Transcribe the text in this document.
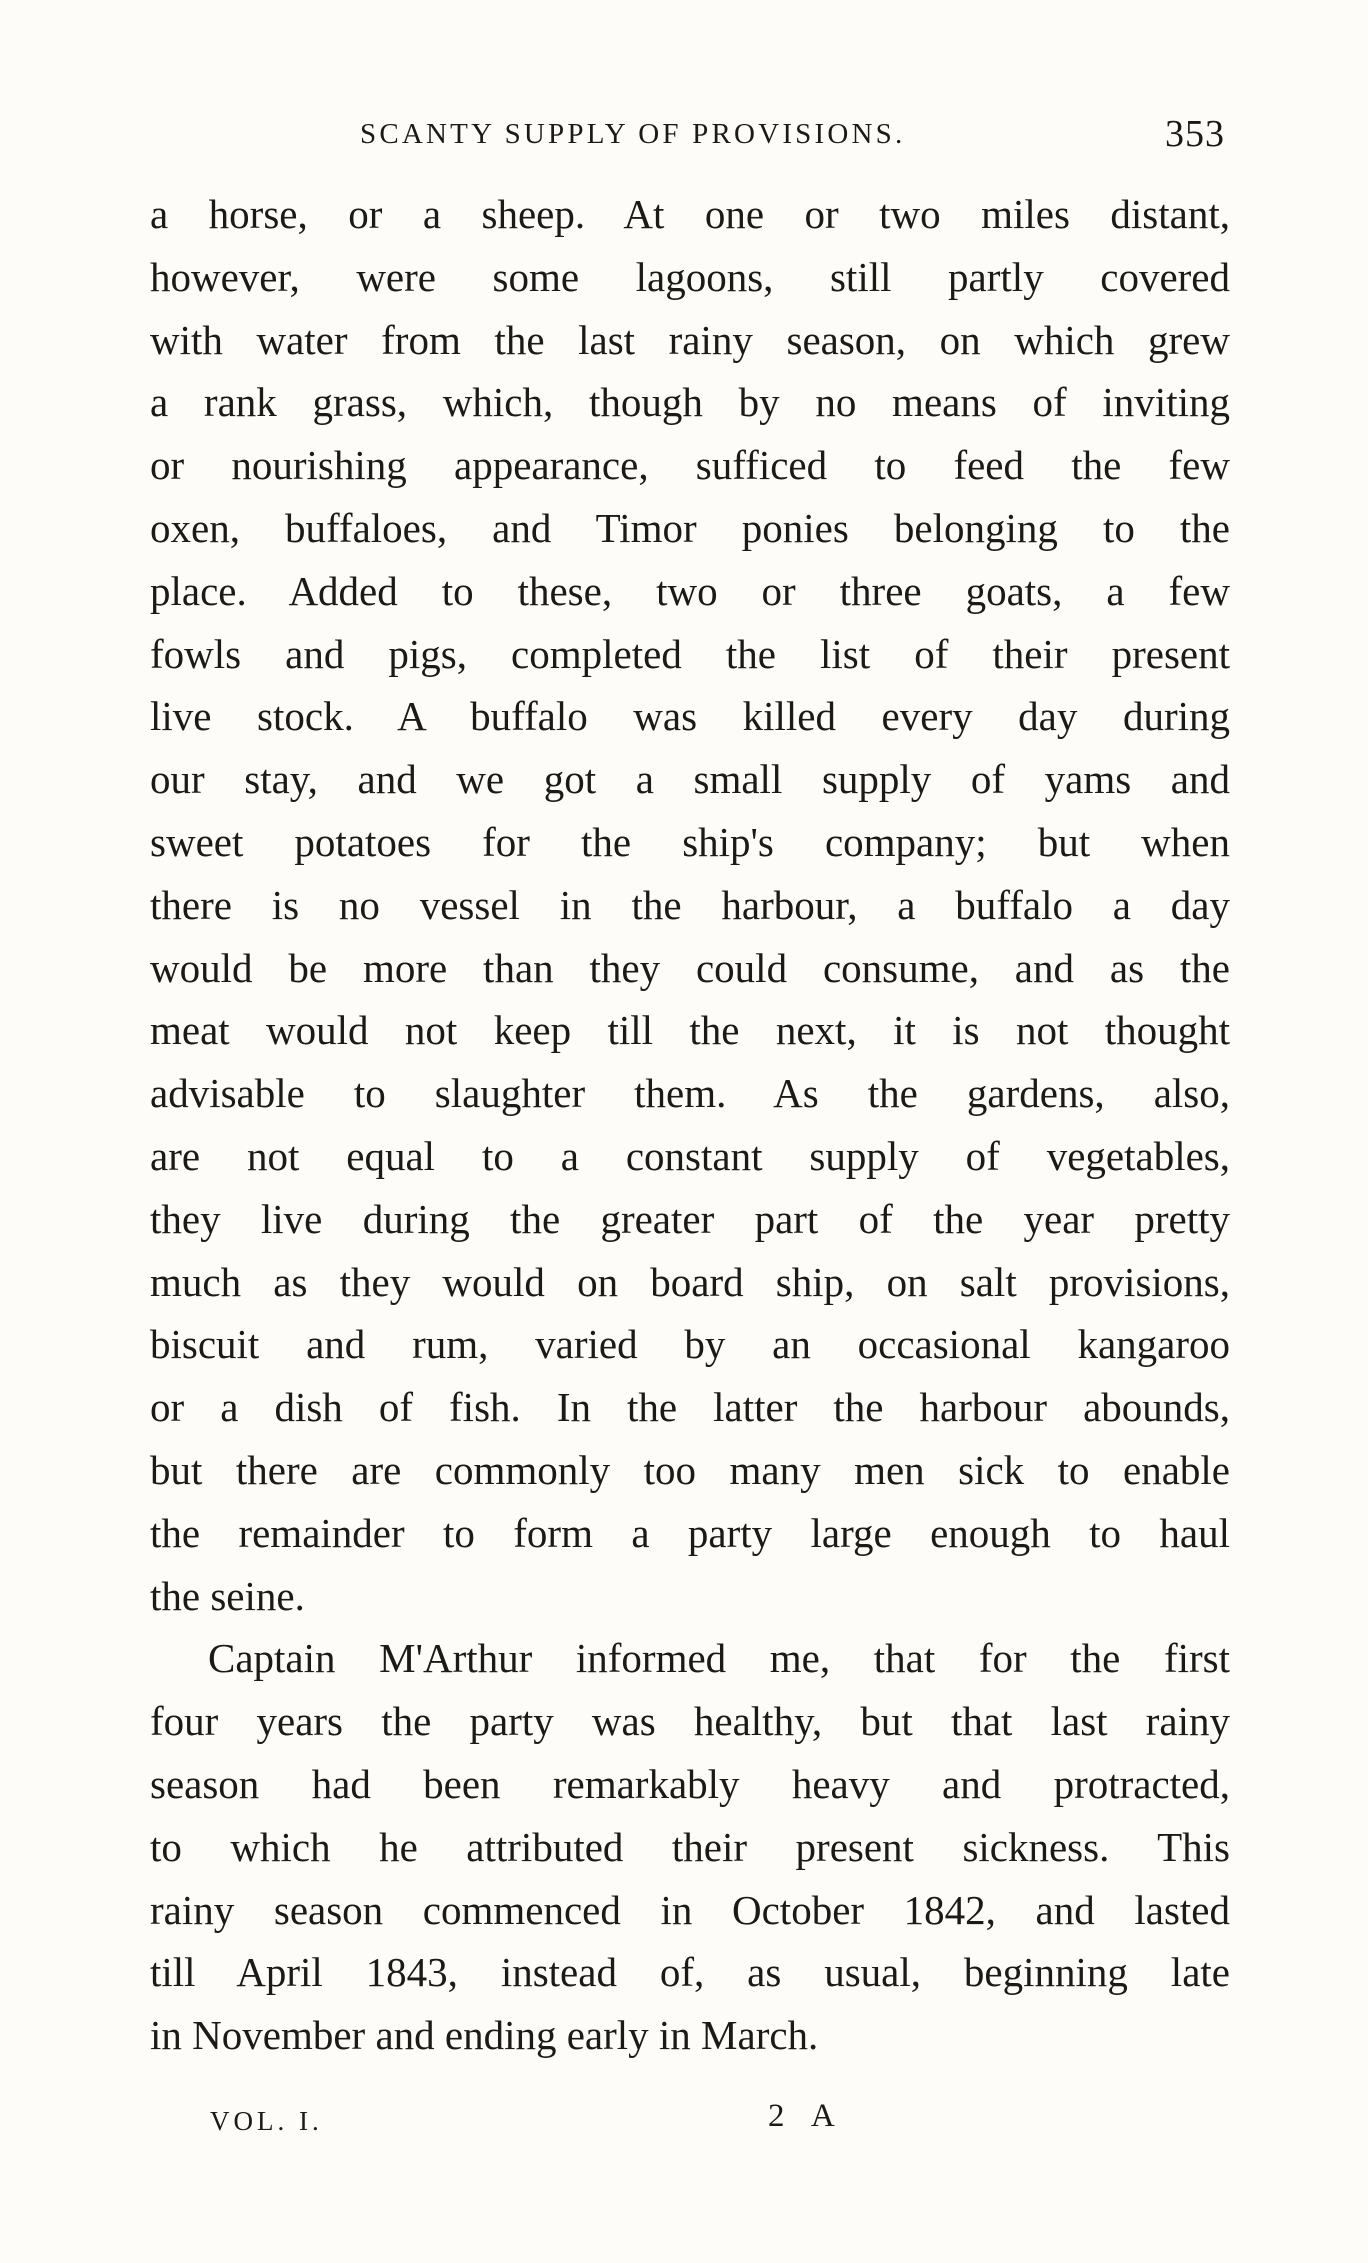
SCANTY SUPPLY OF PROVISIONS.	353
a horse, or a sheep. At one or two miles distant,
however, were some lagoons, still partly covered
with water from the last rainy season, on which grew
a rank grass, which, though by no means of inviting
or nourishing appearance, sufficed to feed the few
oxen, buffaloes, and Timor ponies belonging to the
place. Added to these, two or three goats, a few
fowls and pigs, completed the list of their present
live stock. A buffalo was killed every day during
our stay, and we got a small supply of yams and
sweet potatoes for the ship's company; but when
there is no vessel in the harbour, a buffalo a day
would be more than they could consume, and as the
meat would not keep till the next, it is not thought
advisable to slaughter them. As the gardens, also,
are not equal to a constant supply of vegetables,
they live during the greater part of the year pretty
much as they would on board ship, on salt provisions,
biscuit and rum, varied by an occasional kangaroo
or a dish of fish. In the latter the harbour abounds,
but there are commonly too many men sick to enable
the remainder to form a party large enough to haul
the seine.
Captain M'Arthur informed me, that for the first
four years the party was healthy, but that last rainy
season had been remarkably heavy and protracted,
to which he attributed their present sickness. This
rainy season commenced in October 1842, and lasted
till April 1843, instead of, as usual, beginning late
in November and ending early in March.
VOL. I.	2 A
